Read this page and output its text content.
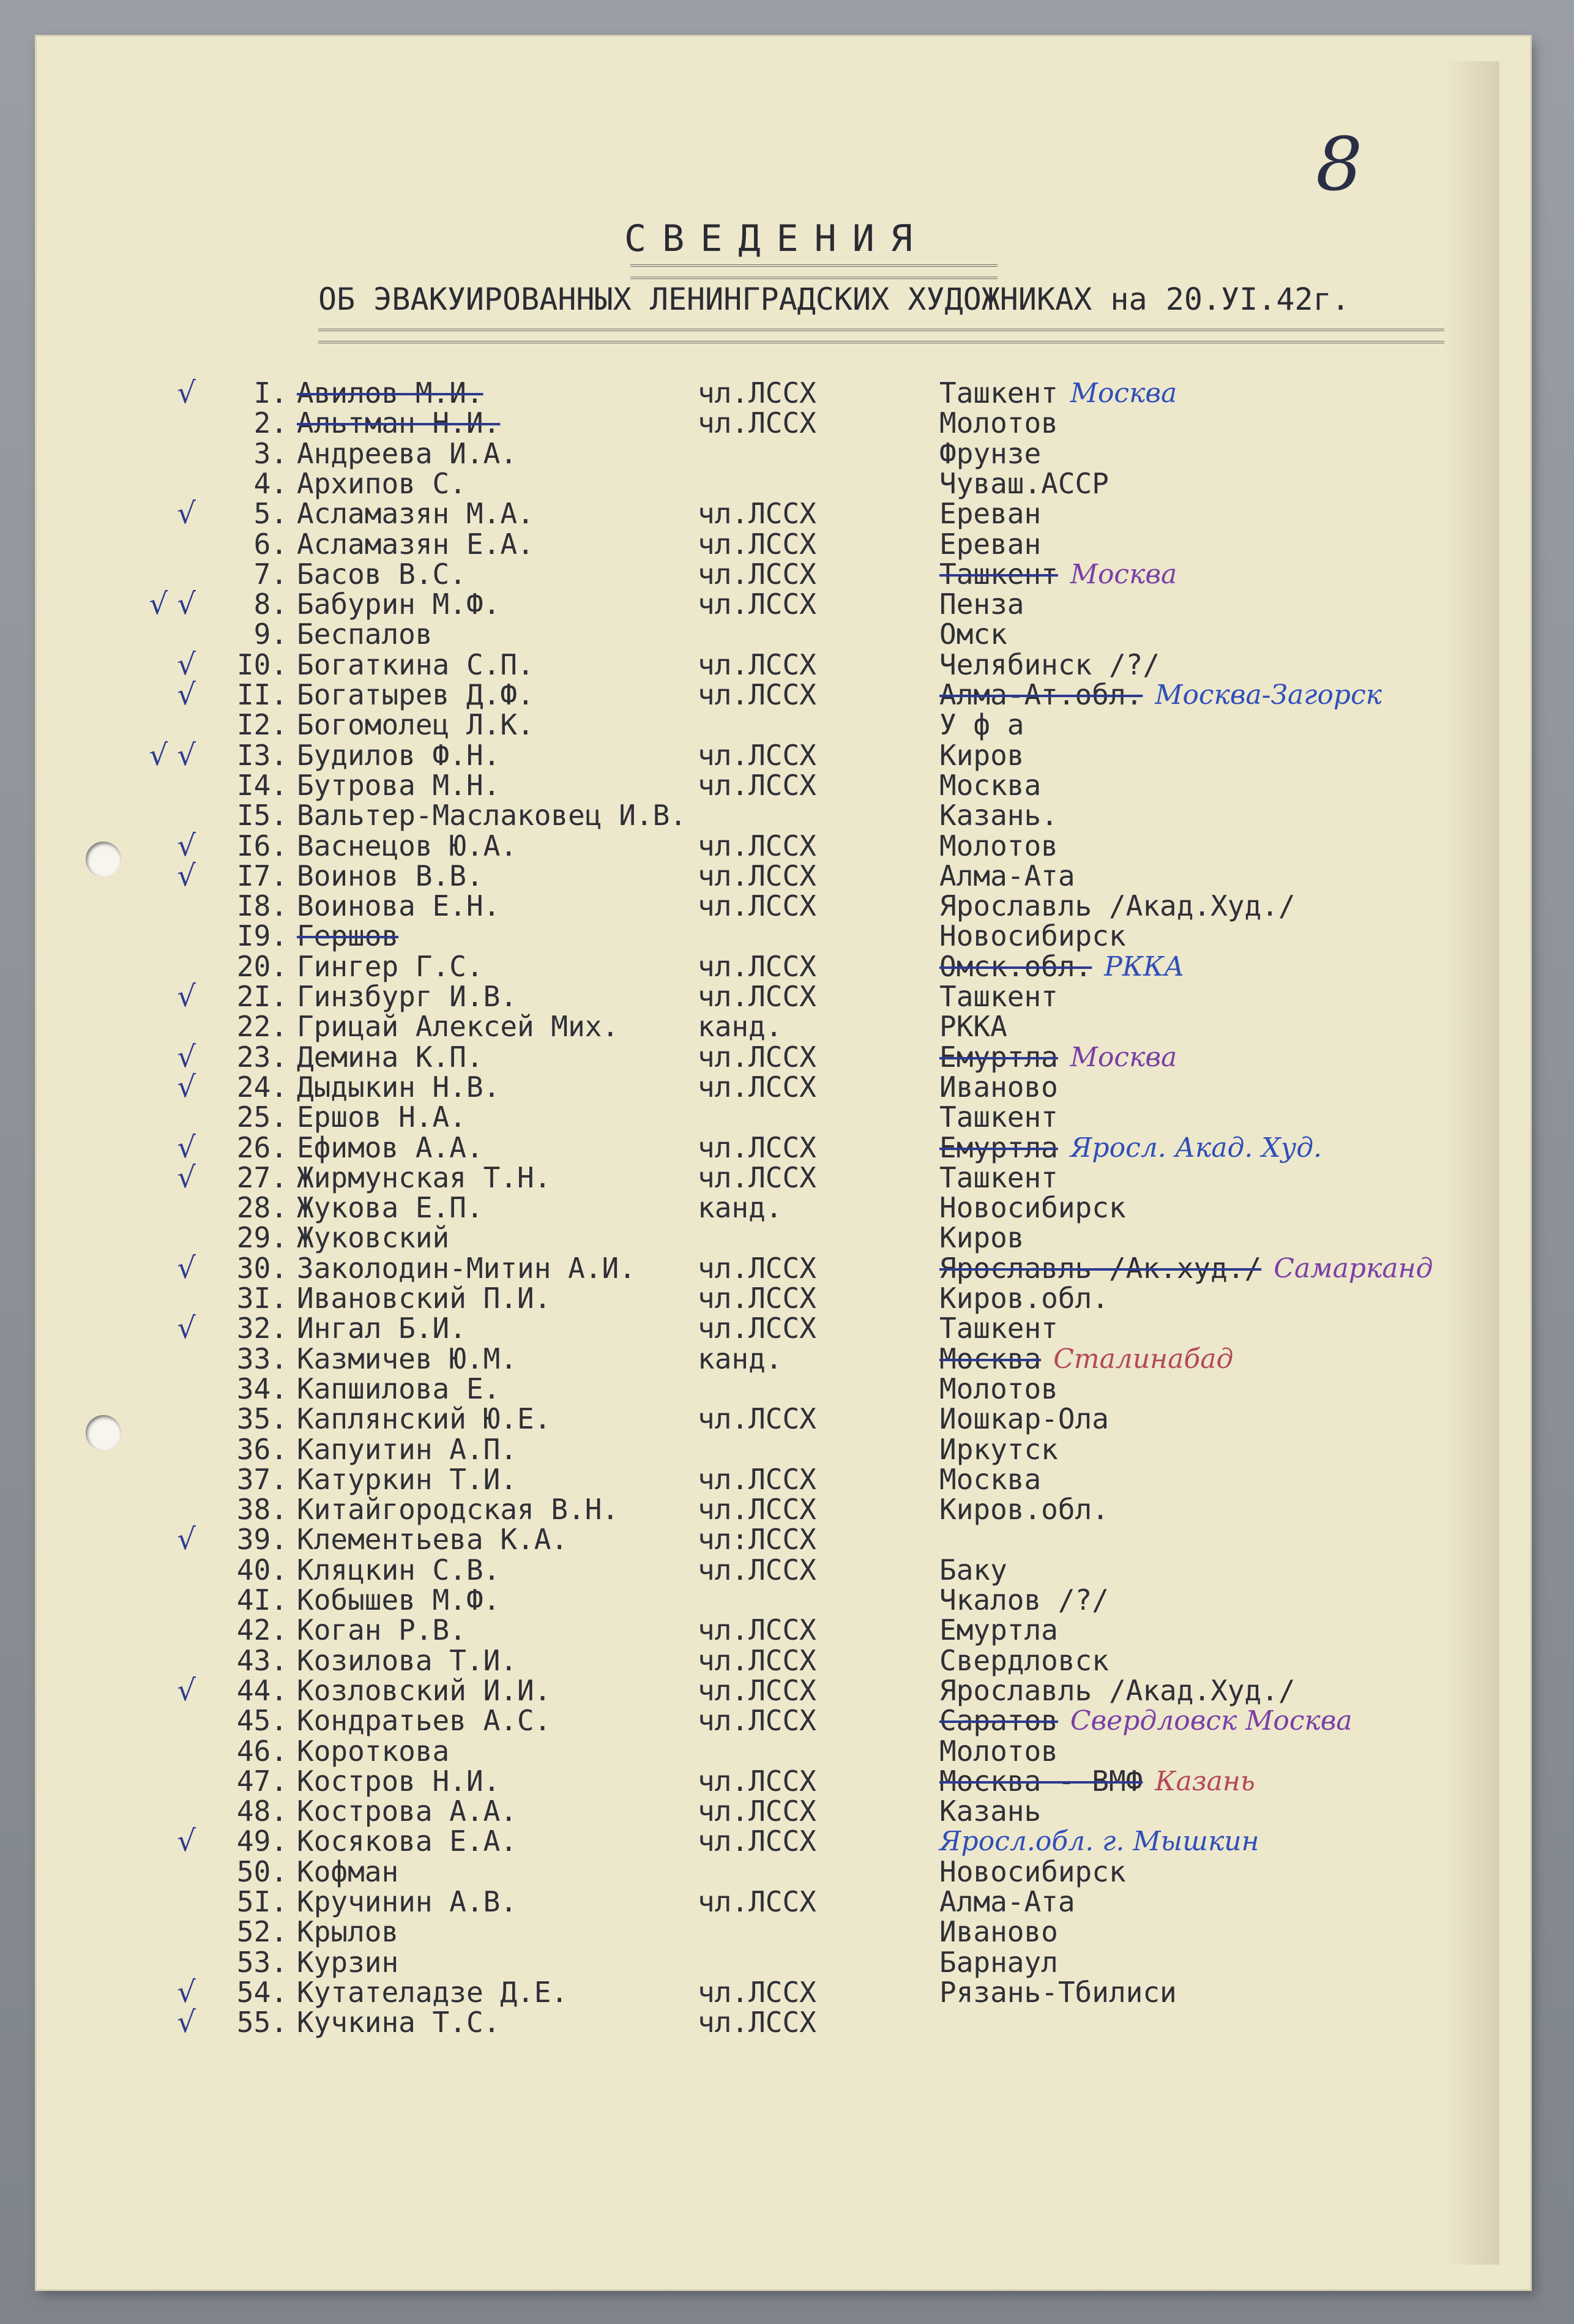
8
СВЕДЕНИЯ
ОБ ЭВАКУИРОВАННЫХ ЛЕНИНГРАДСКИХ ХУДОЖНИКАХ на 20.УI.42г.
√	I. Авилов М.И.	чл.ЛССХ	Ташкент Москва
2. Альтман Н.И.	чл.ЛССХ	Молотов
3. Андреева И.А.	Фрунзе
4. Архипов С.	Чуваш.АССР
√	5. Асламазян М.А.	чл.ЛССХ	Ереван
6. Асламазян Е.А.	чл.ЛССХ	Ереван
7. Басов В.С.	чл.ЛССХ	Ташкент Москва
√ √	8. Бабурин М.Ф.	чл.ЛССХ	Пенза
9. Беспалов	Омск
√	I0. Богаткина С.П.	чл.ЛССХ	Челябинск /?/
√	II. Богатырев Д.Ф.	чл.ЛССХ	Алма-Ат.обл. Москва-Загорск
I2. Богомолец Л.К.	У ф а
√ √	I3. Будилов Ф.Н.	чл.ЛССХ	Киров
I4. Бутрова М.Н.	чл.ЛССХ	Москва
I5. Вальтер-Маслаковец И.В.	Казань.
√	I6. Васнецов Ю.А.	чл.ЛССХ	Молотов
√	I7. Воинов В.В.	чл.ЛССХ	Алма-Ата
I8. Воинова Е.Н.	чл.ЛССХ	Ярославль /Акад.Худ./
I9. Гершов	Новосибирск
20. Гингер Г.С.	чл.ЛССХ	Омск.обл. РККА
√	2I. Гинзбург И.В.	чл.ЛССХ	Ташкент
22. Грицай Алексей Мих.	канд.	РККА
√	23. Демина К.П.	чл.ЛССХ	Емуртла Москва
√	24. Дыдыкин Н.В.	чл.ЛССХ	Иваново
25. Ершов Н.А.	Ташкент
√	26. Ефимов А.А.	чл.ЛССХ	Емуртла Яросл. Акад. Худ.
√	27. Жирмунская Т.Н.	чл.ЛССХ	Ташкент
28. Жукова Е.П.	канд.	Новосибирск
29. Жуковский	Киров
√	30. Заколодин-Митин А.И. чл.ЛССХ	Ярославль /Ак.худ./ Самарканд
3I. Ивановский П.И.	чл.ЛССХ	Киров.обл.
√	32. Ингал Б.И.	чл.ЛССХ	Ташкент
33. Казмичев Ю.М.	канд.	Москва Сталинабад
34. Капшилова Е.	Молотов
35. Каплянский Ю.Е.	чл.ЛССХ	Иошкар-Ола
36. Капуитин А.П.	Иркутск
37. Катуркин Т.И.	чл.ЛССХ	Москва
38. Китайгородская В.Н.	чл.ЛССХ	Киров.обл.
√	39. Клементьева К.А.	чл:ЛССХ
40. Кляцкин С.В.	чл.ЛССХ	Баку
4I. Кобышев М.Ф.	Чкалов /?/
42. Коган Р.В.	чл.ЛССХ	Емуртла
43. Козилова Т.И.	чл.ЛССХ	Свердловск
√	44. Козловский И.И.	чл.ЛССХ	Ярославль /Акад.Худ./
45. Кондратьев А.С.	чл.ЛССХ	Саратов Свердловск Москва
46. Короткова	Молотов
47. Костров Н.И.	чл.ЛССХ	Москва - ВМФ Казань
48. Кострова А.А.	чл.ЛССХ	Казань
√	49. Косякова Е.А.	чл.ЛССХ	Яросл.обл. г. Мышкин
50. Кофман	Новосибирск
5I. Кручинин А.В.	чл.ЛССХ	Алма-Ата
52. Крылов	Иваново
53. Курзин	Барнаул
√	54. Кутателадзе Д.Е.	чл.ЛССХ	Рязань-Тбилиси
√	55. Кучкина Т.С.	чл.ЛССХ
